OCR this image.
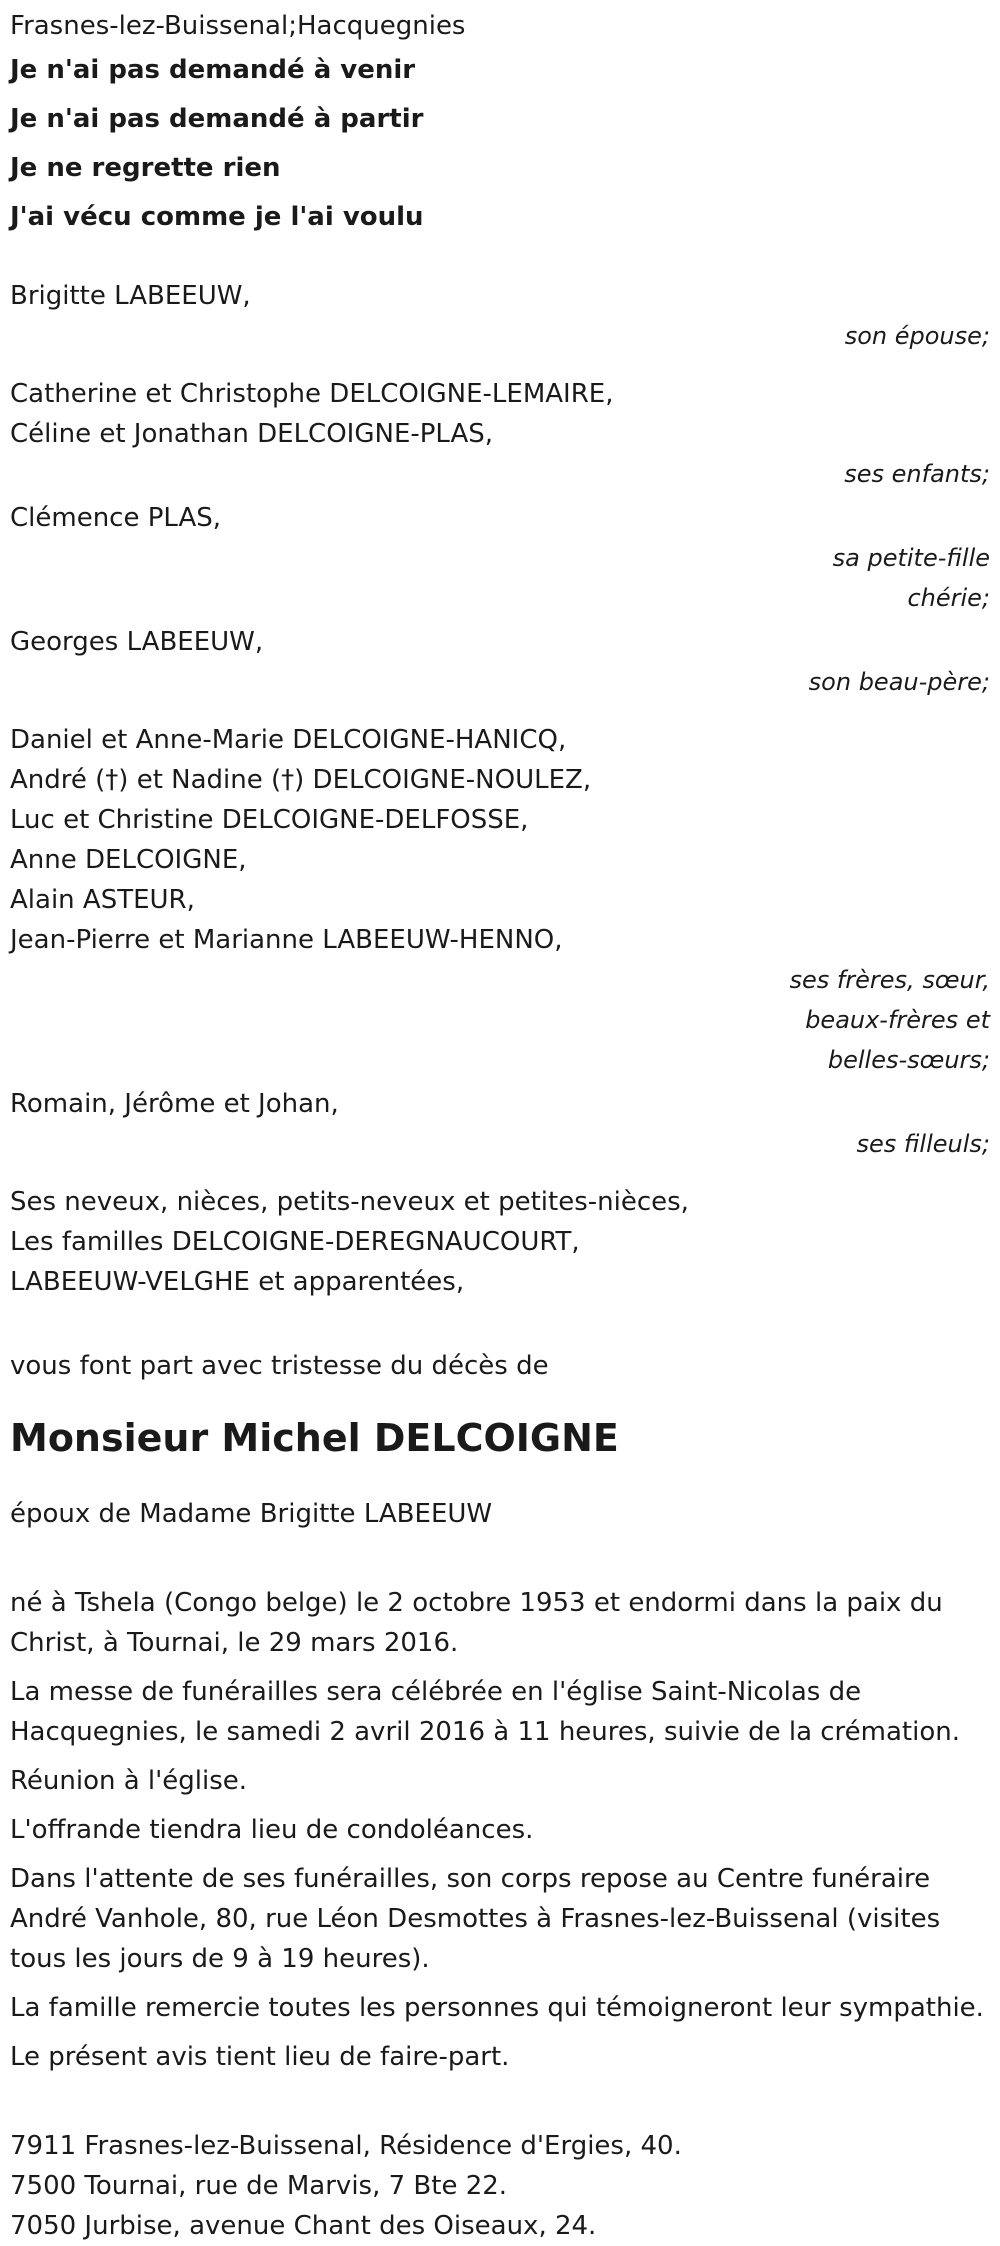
Frasnes-lez-Buissenal;Hacquegnies
Je n'ai pas demandé à venir
Je n'ai pas demandé à partir
Je ne regrette rien
J'ai vécu comme je l'ai voulu
Brigitte LABEEUW,
son épouse;
Catherine et Christophe DELCOIGNE-LEMAIRE,
Céline et Jonathan DELCOIGNE-PLAS,
ses enfants;
Clémence PLAS,
sa petite-fille
chérie;
Georges LABEEUW,
son beau-père;
Daniel et Anne-Marie DELCOIGNE-HANICQ,
André (†) et Nadine (†) DELCOIGNE-NOULEZ,
Luc et Christine DELCOIGNE-DELFOSSE,
Anne DELCOIGNE,
Alain ASTEUR,
Jean-Pierre et Marianne LABEEUW-HENNO,
ses frères, sœur,
beaux-frères et
belles-sœurs;
Romain, Jérôme et Johan,
ses filleuls;
Ses neveux, nièces, petits-neveux et petites-nièces,
Les familles DELCOIGNE-DEREGNAUCOURT,
LABEEUW-VELGHE et apparentées,
vous font part avec tristesse du décès de
Monsieur Michel DELCOIGNE
époux de Madame Brigitte LABEEUW
né à Tshela (Congo belge) le 2 octobre 1953 et endormi dans la paix du Christ, à Tournai, le 29 mars 2016.
La messe de funérailles sera célébrée en l'église Saint-Nicolas de Hacquegnies, le samedi 2 avril 2016 à 11 heures, suivie de la crémation.
Réunion à l'église.
L'offrande tiendra lieu de condoléances.
Dans l'attente de ses funérailles, son corps repose au Centre funéraire André Vanhole, 80, rue Léon Desmottes à Frasnes-lez-Buissenal (visites tous les jours de 9 à 19 heures).
La famille remercie toutes les personnes qui témoigneront leur sympathie.
Le présent avis tient lieu de faire-part.
7911 Frasnes-lez-Buissenal, Résidence d'Ergies, 40.
7500 Tournai, rue de Marvis, 7 Bte 22.
7050 Jurbise, avenue Chant des Oiseaux, 24.
